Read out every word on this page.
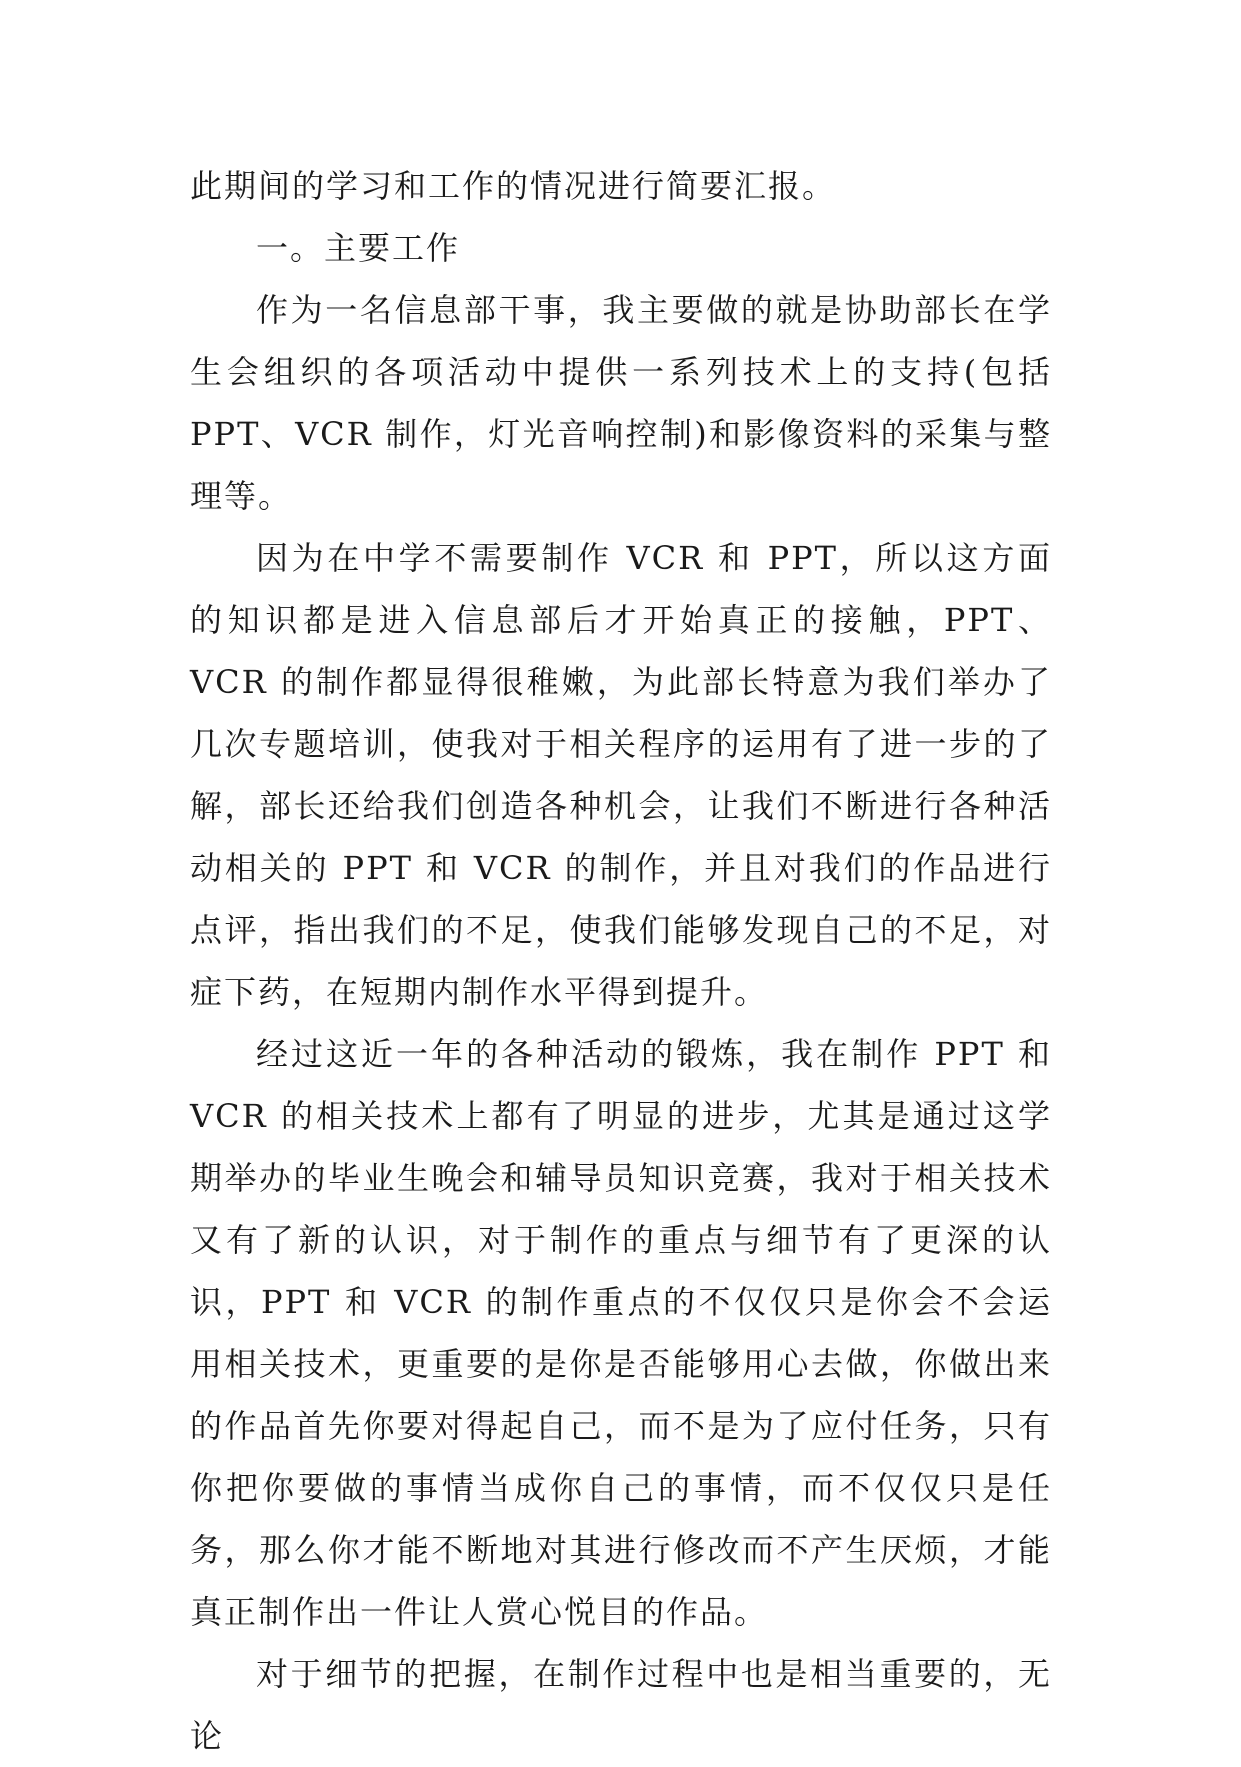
此期间的学习和工作的情况进行简要汇报。

一。主要工作

作为一名信息部干事，我主要做的就是协助部长在学生会组织的各项活动中提供一系列技术上的支持(包括 PPT、VCR 制作，灯光音响控制)和影像资料的采集与整理等。

因为在中学不需要制作 VCR 和 PPT，所以这方面的知识都是进入信息部后才开始真正的接触，PPT、VCR 的制作都显得很稚嫩，为此部长特意为我们举办了几次专题培训，使我对于相关程序的运用有了进一步的了解，部长还给我们创造各种机会，让我们不断进行各种活动相关的 PPT 和 VCR 的制作，并且对我们的作品进行点评，指出我们的不足，使我们能够发现自己的不足，对症下药，在短期内制作水平得到提升。

经过这近一年的各种活动的锻炼，我在制作 PPT 和 VCR 的相关技术上都有了明显的进步，尤其是通过这学期举办的毕业生晚会和辅导员知识竞赛，我对于相关技术又有了新的认识，对于制作的重点与细节有了更深的认识，PPT 和 VCR 的制作重点的不仅仅只是你会不会运用相关技术，更重要的是你是否能够用心去做，你做出来的作品首先你要对得起自己，而不是为了应付任务，只有你把你要做的事情当成你自己的事情，而不仅仅只是任务，那么你才能不断地对其进行修改而不产生厌烦，才能真正制作出一件让人赏心悦目的作品。

对于细节的把握，在制作过程中也是相当重要的，无论
